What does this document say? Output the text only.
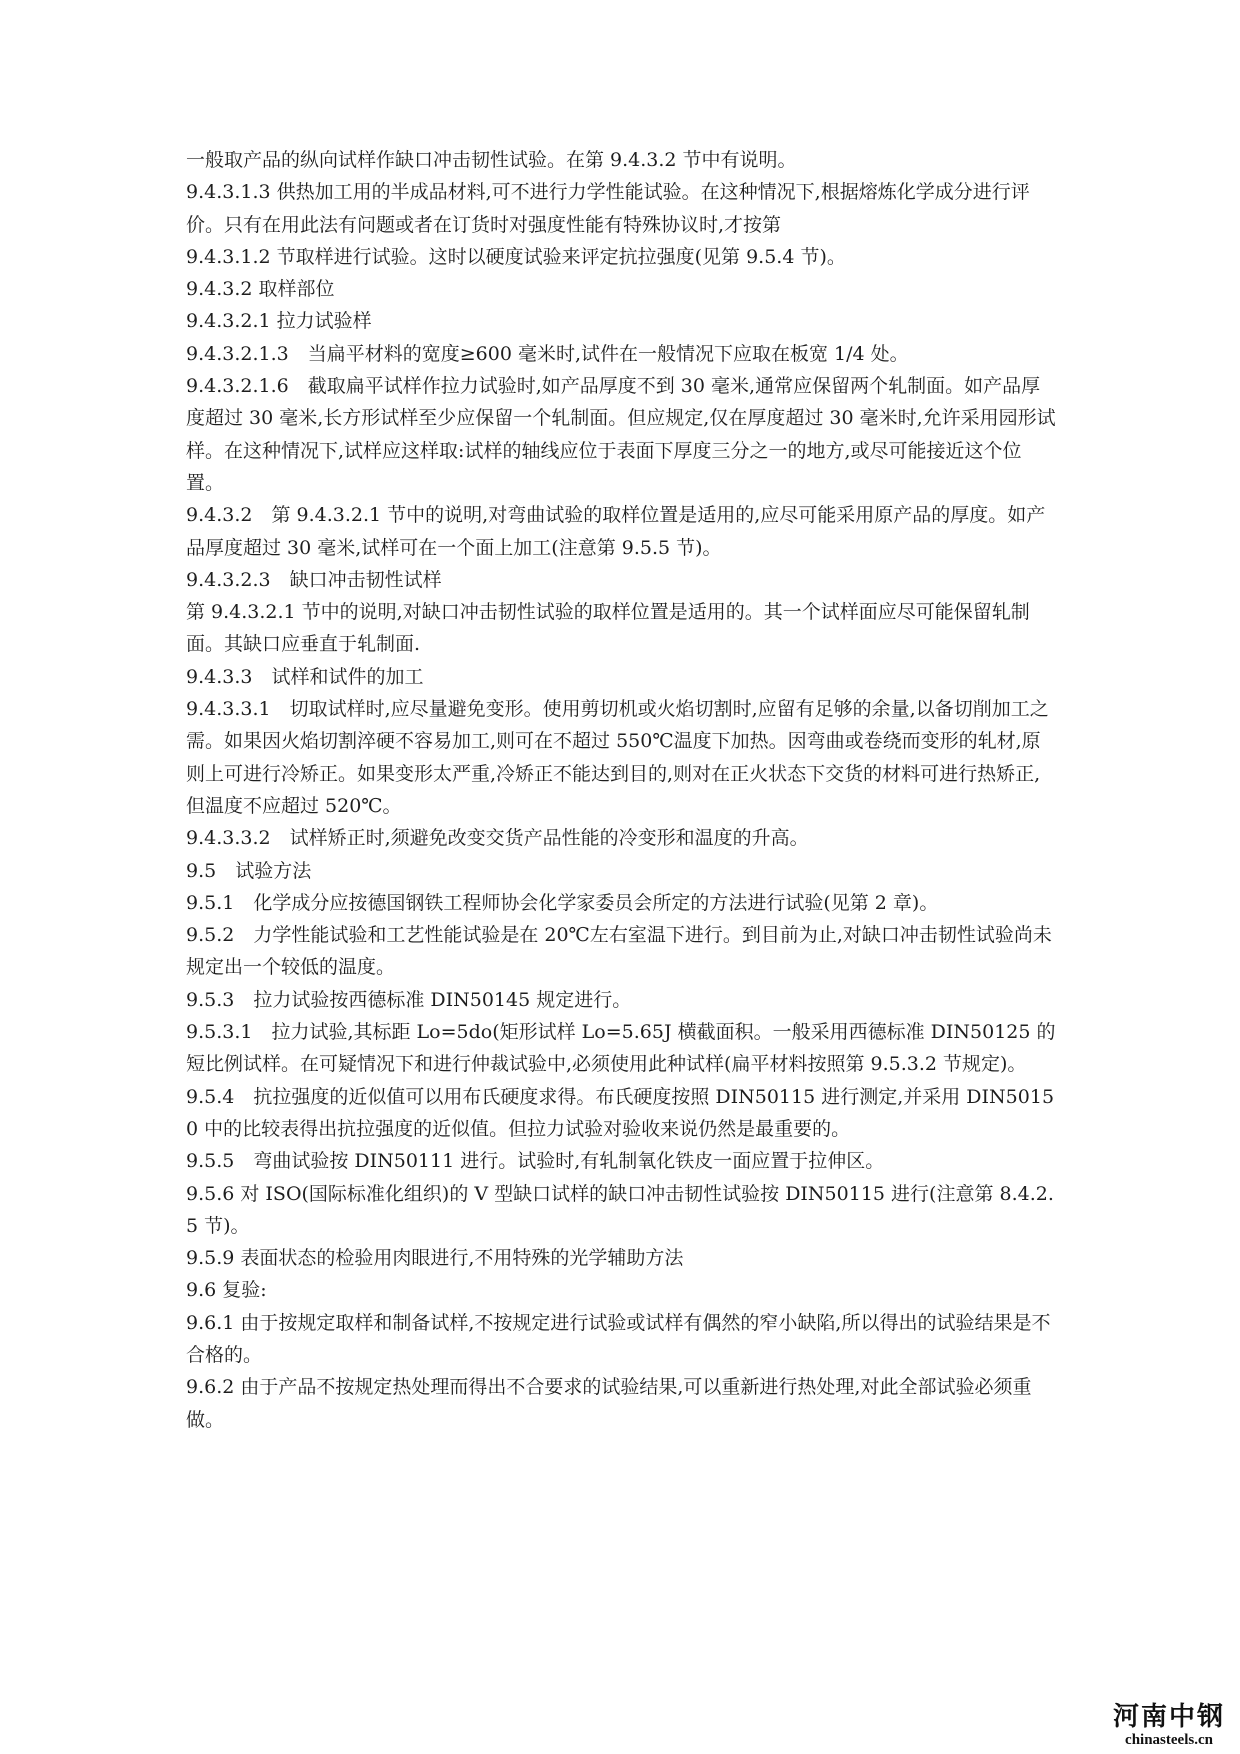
一般取产品的纵向试样作缺口冲击韧性试验。在第 9.4.3.2 节中有说明。

9.4.3.1.3 供热加工用的半成品材料,可不进行力学性能试验。在这种情况下,根据熔炼化学成分进行评价。只有在用此法有问题或者在订货时对强度性能有特殊协议时,才按第

9.4.3.1.2 节取样进行试验。这时以硬度试验来评定抗拉强度(见第 9.5.4 节)。

9.4.3.2 取样部位

9.4.3.2.1 拉力试验样

9.4.3.2.1.3　当扁平材料的宽度≥600 毫米时,试件在一般情况下应取在板宽 1/4 处。

9.4.3.2.1.6　截取扁平试样作拉力试验时,如产品厚度不到 30 毫米,通常应保留两个轧制面。如产品厚度超过 30 毫米,长方形试样至少应保留一个轧制面。但应规定,仅在厚度超过 30 毫米时,允许采用园形试样。在这种情况下,试样应这样取:试样的轴线应位于表面下厚度三分之一的地方,或尽可能接近这个位置。

9.4.3.2　第 9.4.3.2.1 节中的说明,对弯曲试验的取样位置是适用的,应尽可能采用原产品的厚度。如产品厚度超过 30 毫米,试样可在一个面上加工(注意第 9.5.5 节)。

9.4.3.2.3　缺口冲击韧性试样

第 9.4.3.2.1 节中的说明,对缺口冲击韧性试验的取样位置是适用的。其一个试样面应尽可能保留轧制面。其缺口应垂直于轧制面.

9.4.3.3　试样和试件的加工

9.4.3.3.1　切取试样时,应尽量避免变形。使用剪切机或火焰切割时,应留有足够的余量,以备切削加工之需。如果因火焰切割淬硬不容易加工,则可在不超过 550℃温度下加热。因弯曲或卷绕而变形的轧材,原则上可进行冷矫正。如果变形太严重,冷矫正不能达到目的,则对在正火状态下交货的材料可进行热矫正,但温度不应超过 520℃。

9.4.3.3.2　试样矫正时,须避免改变交货产品性能的冷变形和温度的升高。

9.5　试验方法

9.5.1　化学成分应按德国钢铁工程师协会化学家委员会所定的方法进行试验(见第 2 章)。

9.5.2　力学性能试验和工艺性能试验是在 20℃左右室温下进行。到目前为止,对缺口冲击韧性试验尚未规定出一个较低的温度。

9.5.3　拉力试验按西德标准 DIN50145 规定进行。

9.5.3.1　拉力试验,其标距 Lo=5do(矩形试样 Lo=5.65J 横截面积。一般采用西德标准 DIN50125 的短比例试样。在可疑情况下和进行仲裁试验中,必须使用此种试样(扁平材料按照第 9.5.3.2 节规定)。

9.5.4　抗拉强度的近似值可以用布氏硬度求得。布氏硬度按照 DIN50115 进行测定,并采用 DIN50150 中的比较表得出抗拉强度的近似值。但拉力试验对验收来说仍然是最重要的。

9.5.5　弯曲试验按 DIN50111 进行。试验时,有轧制氧化铁皮一面应置于拉伸区。

9.5.6 对 ISO(国际标准化组织)的 V 型缺口试样的缺口冲击韧性试验按 DIN50115 进行(注意第 8.4.2.5 节)。

9.5.9 表面状态的检验用肉眼进行,不用特殊的光学辅助方法

9.6 复验:

9.6.1 由于按规定取样和制备试样,不按规定进行试验或试样有偶然的窄小缺陷,所以得出的试验结果是不合格的。

9.6.2 由于产品不按规定热处理而得出不合要求的试验结果,可以重新进行热处理,对此全部试验必须重做。

河南中钢
chinasteels.cn
